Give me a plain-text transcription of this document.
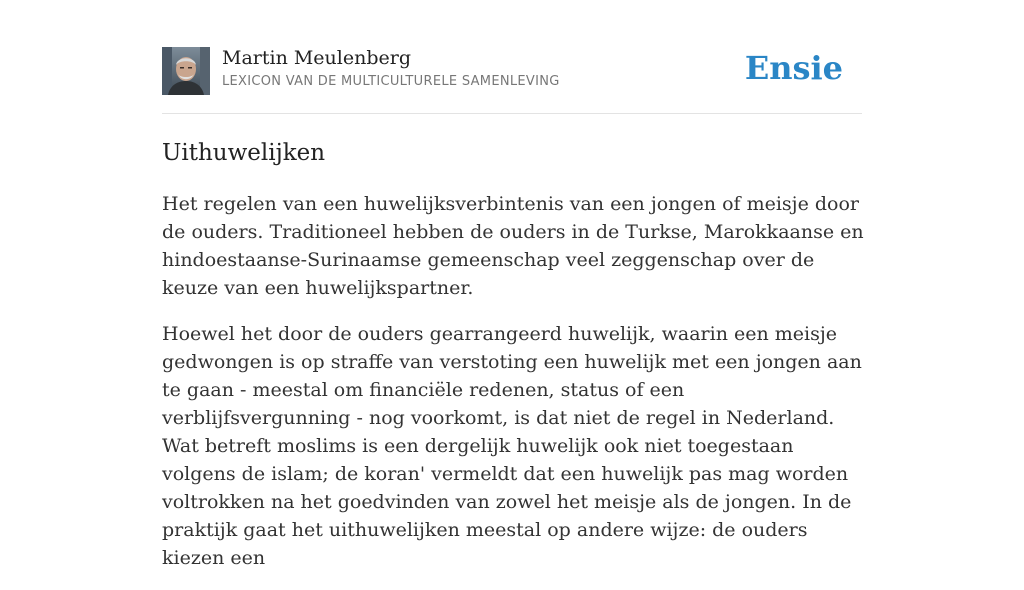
Martin Meulenberg
LEXICON VAN DE MULTICULTURELE SAMENLEVING	Ensie
Uithuwelijken

Het regelen van een huwelijksverbintenis van een jongen of meisje door de ouders. Traditioneel hebben de ouders in de Turkse, Marokkaanse en hindoestaanse-Surinaamse gemeenschap veel zeggenschap over de keuze van een huwelijkspartner.

Hoewel het door de ouders gearrangeerd huwelijk, waarin een meisje gedwongen is op straffe van verstoting een huwelijk met een jongen aan te gaan - meestal om financiële redenen, status of een verblijfsvergunning - nog voorkomt, is dat niet de regel in Nederland. Wat betreft moslims is een dergelijk huwelijk ook niet toegestaan volgens de islam; de koran' vermeldt dat een huwelijk pas mag worden voltrokken na het goedvinden van zowel het meisje als de jongen. In de praktijk gaat het uithuwelijken meestal op andere wijze: de ouders kiezen een
